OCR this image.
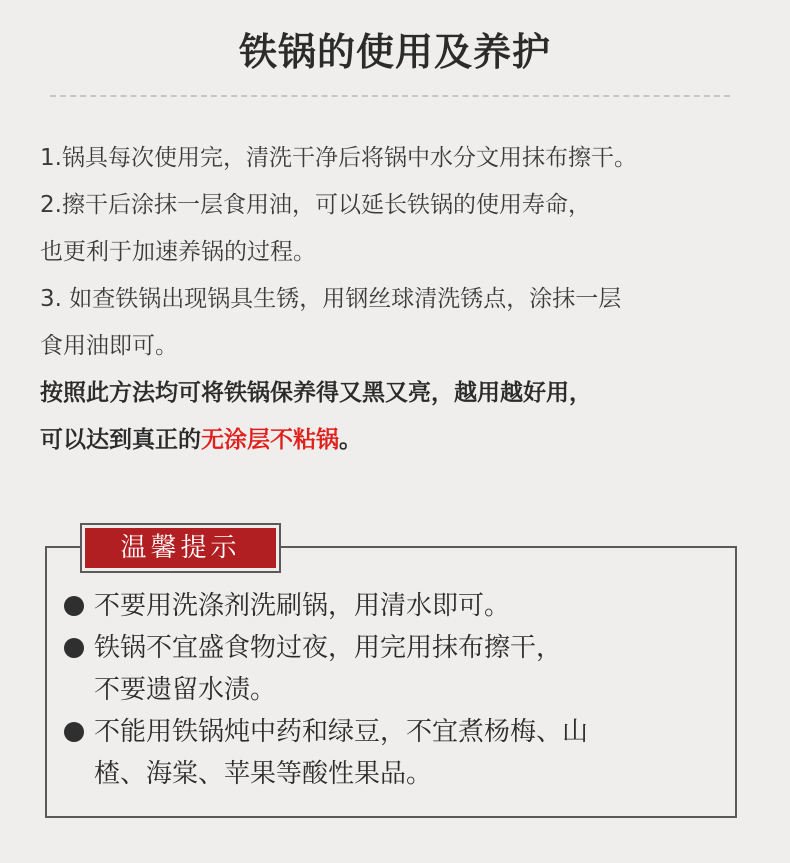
铁锅的使用及养护
1.锅具每次使用完，清洗干净后将锅中水分文用抹布擦干。
2.擦干后涂抹一层食用油，可以延长铁锅的使用寿命，
也更利于加速养锅的过程。
3. 如查铁锅出现锅具生锈，用钢丝球清洗锈点，涂抹一层
食用油即可。
按照此方法均可将铁锅保养得又黑又亮，越用越好用，
可以达到真正的无涂层不粘锅。
温馨提示
不要用洗涤剂洗刷锅，用清水即可。
铁锅不宜盛食物过夜，用完用抹布擦干，
不要遗留水渍。
不能用铁锅炖中药和绿豆，不宜煮杨梅、山
楂、海棠、苹果等酸性果品。
